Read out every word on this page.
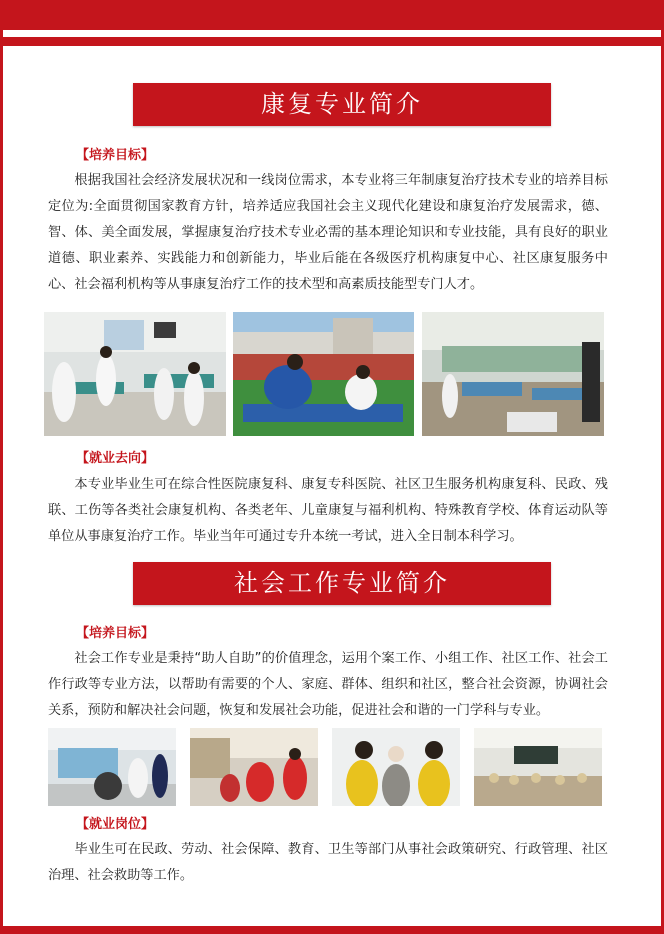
康复专业简介
【培养目标】
根据我国社会经济发展状况和一线岗位需求，本专业将三年制康复治疗技术专业的培养目标定位为:全面贯彻国家教育方针，培养适应我国社会主义现代化建设和康复治疗发展需求，德、智、体、美全面发展，掌握康复治疗技术专业必需的基本理论知识和专业技能，具有良好的职业道德、职业素养、实践能力和创新能力，毕业后能在各级医疗机构康复中心、社区康复服务中心、社会福利机构等从事康复治疗工作的技术型和高素质技能型专门人才。
【就业去向】
本专业毕业生可在综合性医院康复科、康复专科医院、社区卫生服务机构康复科、民政、残联、工伤等各类社会康复机构、各类老年、儿童康复与福利机构、特殊教育学校、体育运动队等单位从事康复治疗工作。毕业当年可通过专升本统一考试，进入全日制本科学习。
社会工作专业简介
【培养目标】
社会工作专业是秉持“助人自助”的价值理念，运用个案工作、小组工作、社区工作、社会工作行政等专业方法，以帮助有需要的个人、家庭、群体、组织和社区，整合社会资源，协调社会关系，预防和解决社会问题，恢复和发展社会功能，促进社会和谐的一门学科与专业。
【就业岗位】
毕业生可在民政、劳动、社会保障、教育、卫生等部门从事社会政策研究、行政管理、社区治理、社会救助等工作。
